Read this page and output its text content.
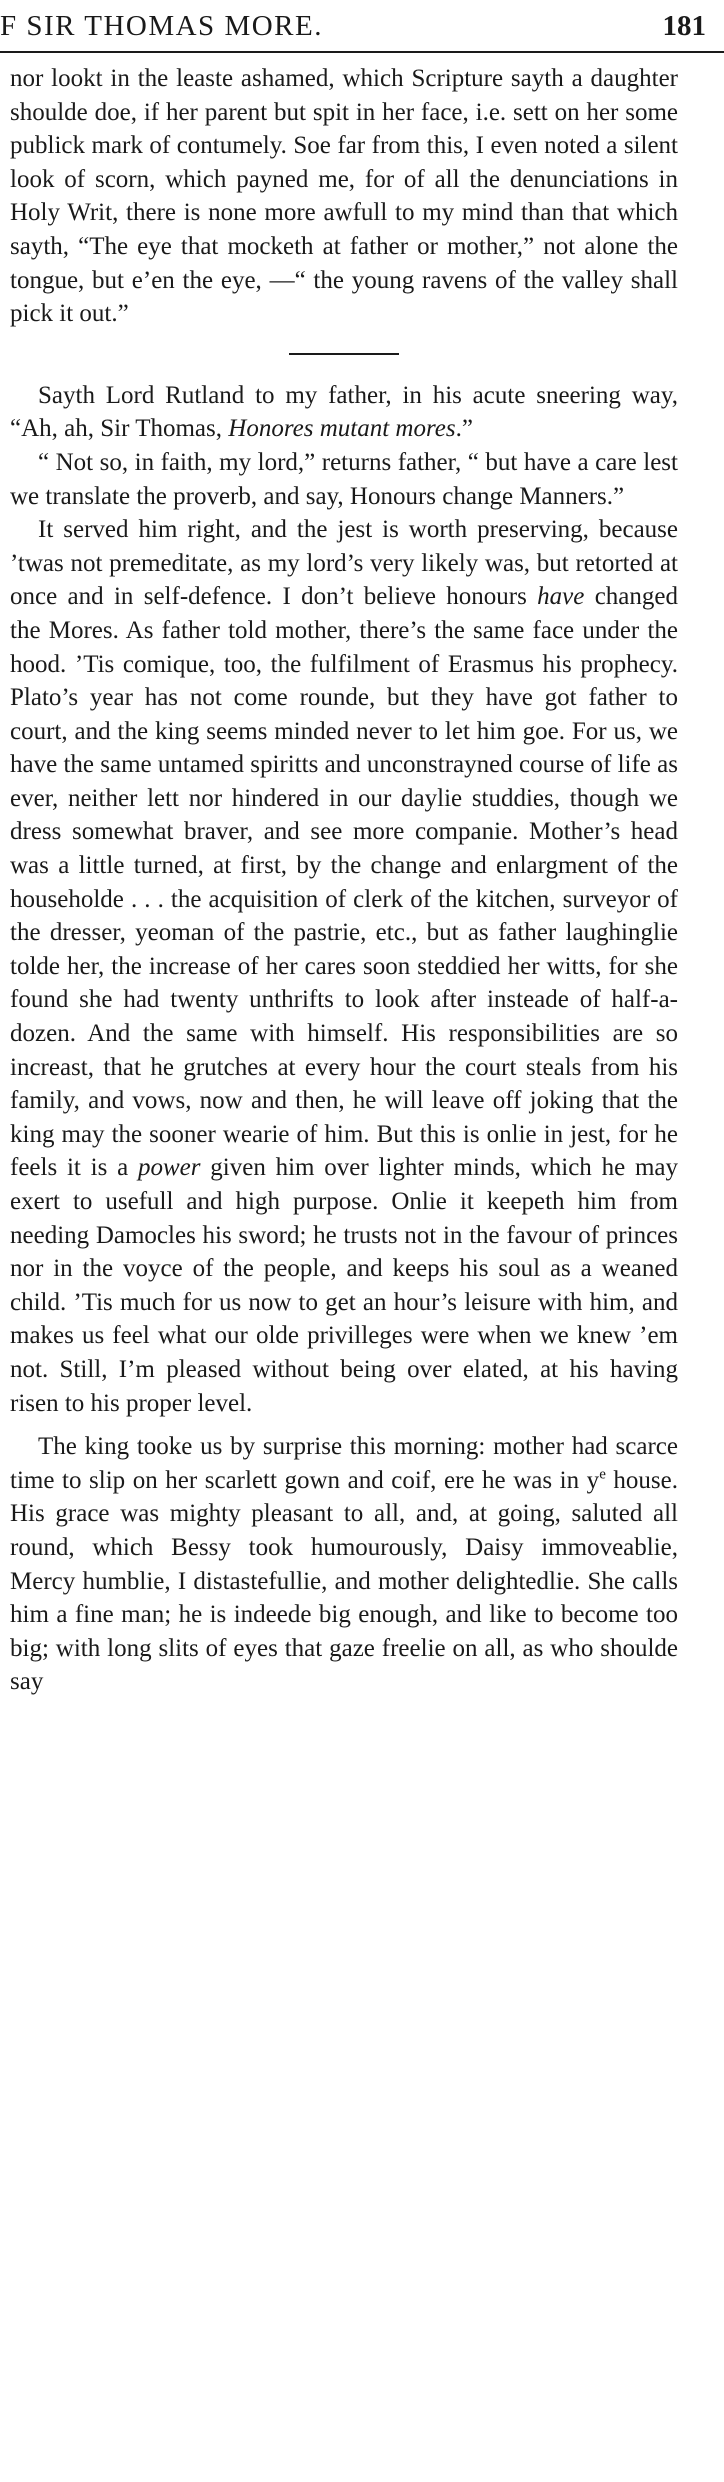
F SIR THOMAS MORE.	181

nor lookt in the leaste ashamed, which Scripture sayth a daughter shoulde doe, if her parent but spit in her face, i.e. sett on her some publick mark of contumely. Soe far from this, I even noted a silent look of scorn, which payned me, for of all the denunciations in Holy Writ, there is none more awfull to my mind than that which sayth, “The eye that mocketh at father or mother,” not alone the tongue, but e’en the eye, —“ the young ravens of the valley shall pick it out.”

Sayth Lord Rutland to my father, in his acute sneering way, “Ah, ah, Sir Thomas, Honores mutant mores.”

“ Not so, in faith, my lord,” returns father, “ but have a care lest we translate the proverb, and say, Honours change Manners.”

It served him right, and the jest is worth preserving, because ’twas not premeditate, as my lord’s very likely was, but retorted at once and in self-defence. I don’t believe honours have changed the Mores. As father told mother, there’s the same face under the hood. ’Tis comique, too, the fulfilment of Erasmus his prophecy. Plato’s year has not come rounde, but they have got father to court, and the king seems minded never to let him goe. For us, we have the same untamed spiritts and unconstrayned course of life as ever, neither lett nor hindered in our daylie studdies, though we dress somewhat braver, and see more companie. Mother’s head was a little turned, at first, by the change and enlargment of the householde . . . the acquisition of clerk of the kitchen, surveyor of the dresser, yeoman of the pastrie, etc., but as father laughinglie tolde her, the increase of her cares soon steddied her witts, for she found she had twenty unthrifts to look after insteade of half-a-dozen. And the same with himself. His responsibilities are so increast, that he grutches at every hour the court steals from his family, and vows, now and then, he will leave off joking that the king may the sooner wearie of him. But this is onlie in jest, for he feels it is a power given him over lighter minds, which he may exert to usefull and high purpose. Onlie it keepeth him from needing Damocles his sword; he trusts not in the favour of princes nor in the voyce of the people, and keeps his soul as a weaned child. ’Tis much for us now to get an hour’s leisure with him, and makes us feel what our olde privilleges were when we knew ’em not. Still, I’m pleased without being over elated, at his having risen to his proper level.

The king tooke us by surprise this morning: mother had scarce time to slip on her scarlett gown and coif, ere he was in $y^e$ house. His grace was mighty pleasant to all, and, at going, saluted all round, which Bessy took humourously, Daisy immoveablie, Mercy humblie, I distastefullie, and mother delightedlie. She calls him a fine man; he is indeede big enough, and like to become too big; with long slits of eyes that gaze freelie on all, as who shoulde say
